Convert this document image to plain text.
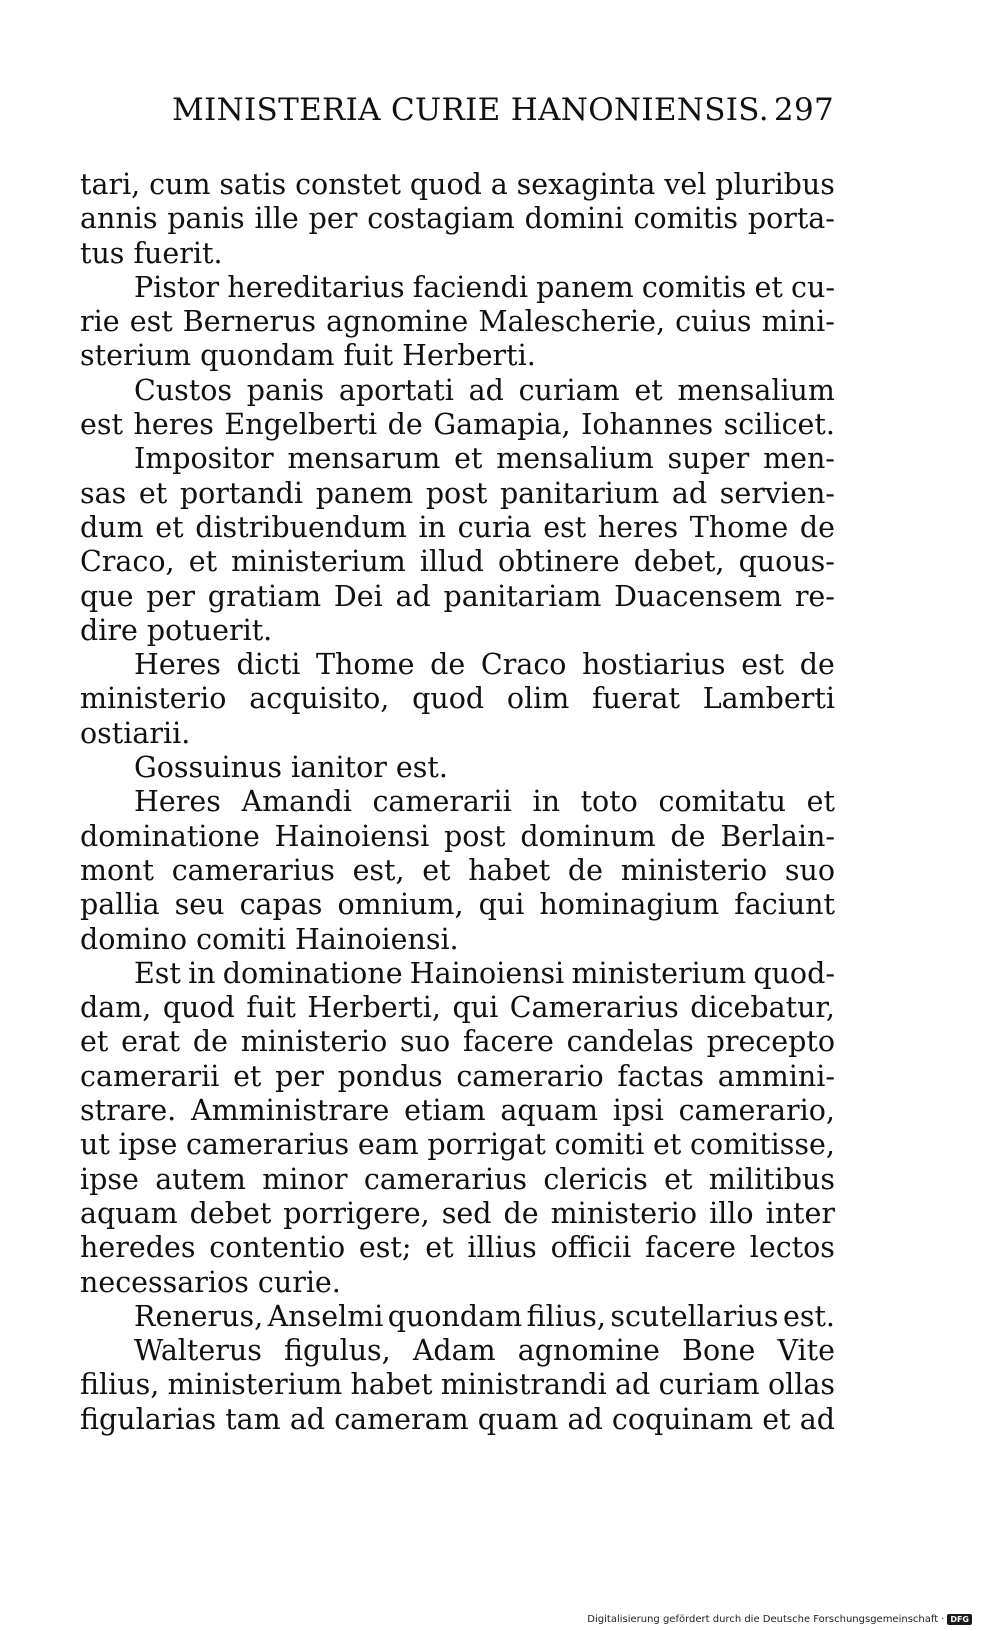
MINISTERIA CURIE HANONIENSIS. 297
tari, cum satis constet quod a sexaginta vel pluribus
annis panis ille per costagiam domini comitis porta-
tus fuerit.
Pistor hereditarius faciendi panem comitis et cu-
rie est Bernerus agnomine Malescherie, cuius mini-
sterium quondam fuit Herberti.
Custos panis aportati ad curiam et mensalium
est heres Engelberti de Gamapia, Iohannes scilicet.
Impositor mensarum et mensalium super men-
sas et portandi panem post panitarium ad servien-
dum et distribuendum in curia est heres Thome de
Craco, et ministerium illud obtinere debet, quous-
que per gratiam Dei ad panitariam Duacensem re-
dire potuerit.
Heres dicti Thome de Craco hostiarius est de
ministerio acquisito, quod olim fuerat Lamberti
ostiarii.
Gossuinus ianitor est.
Heres Amandi camerarii in toto comitatu et
dominatione Hainoiensi post dominum de Berlain-
mont camerarius est, et habet de ministerio suo
pallia seu capas omnium, qui hominagium faciunt
domino comiti Hainoiensi.
Est in dominatione Hainoiensi ministerium quod-
dam, quod fuit Herberti, qui Camerarius dicebatur,
et erat de ministerio suo facere candelas precepto
camerarii et per pondus camerario factas ammini-
strare. Amministrare etiam aquam ipsi camerario,
ut ipse camerarius eam porrigat comiti et comitisse,
ipse autem minor camerarius clericis et militibus
aquam debet porrigere, sed de ministerio illo inter
heredes contentio est; et illius officii facere lectos
necessarios curie.
Renerus, Anselmi quondam filius, scutellarius est.
Walterus figulus, Adam agnomine Bone Vite
filius, ministerium habet ministrandi ad curiam ollas
figularias tam ad cameram quam ad coquinam et ad
Digitalisierung gefördert durch die Deutsche Forschungsgemeinschaft · DFG
